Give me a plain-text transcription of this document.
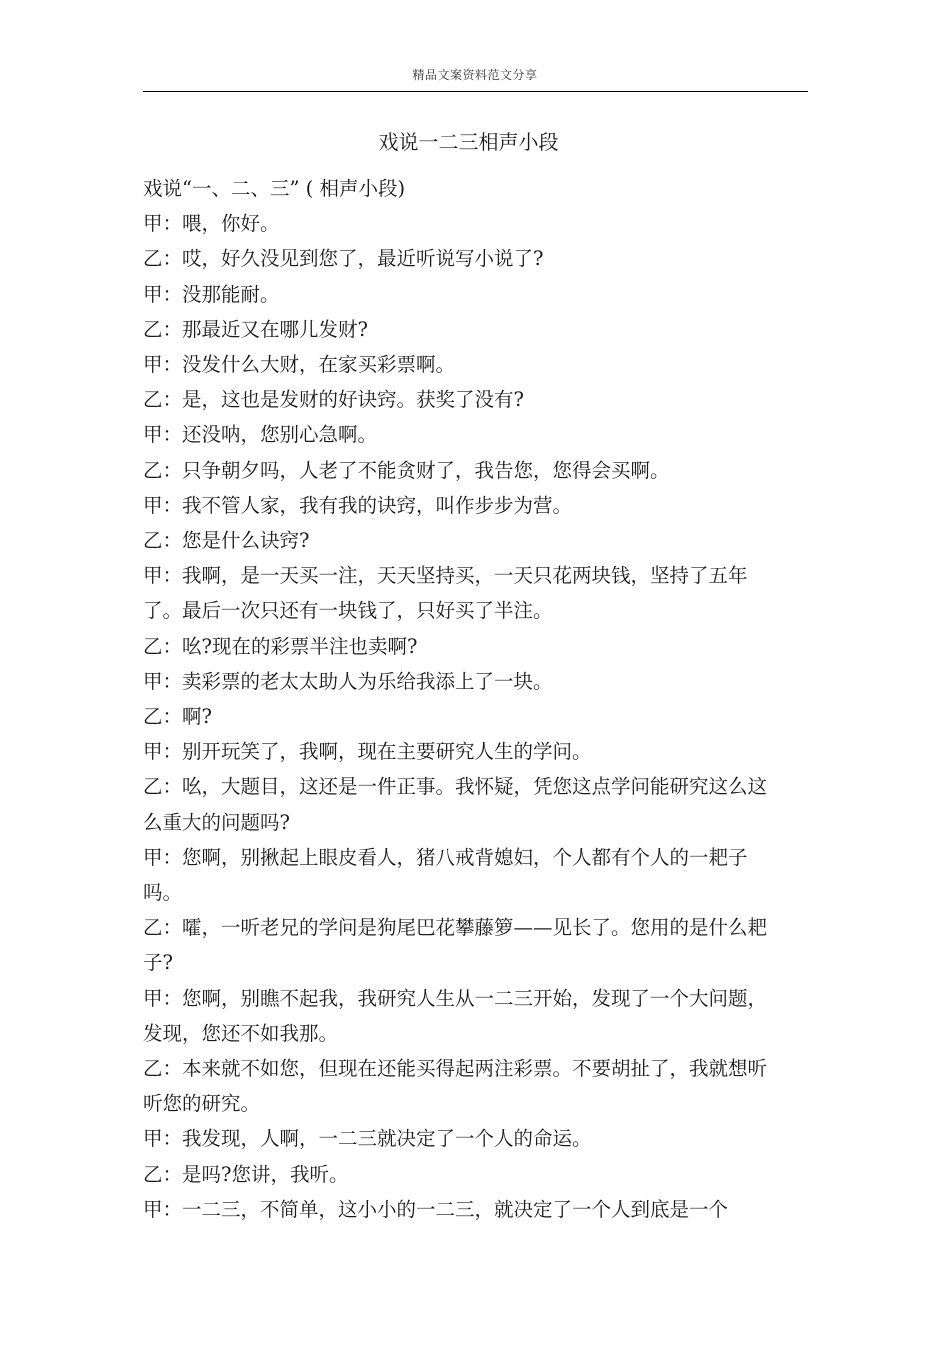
精品文案资料范文分享
戏说一二三相声小段

戏说“一、二、三” ( 相声小段)

甲：喂，你好。

乙：哎，好久没见到您了，最近听说写小说了?

甲：没那能耐。

乙：那最近又在哪儿发财?

甲：没发什么大财，在家买彩票啊。

乙：是，这也是发财的好诀窍。获奖了没有?

甲：还没呐，您别心急啊。

乙：只争朝夕吗，人老了不能贪财了，我告您，您得会买啊。

甲：我不管人家，我有我的诀窍，叫作步步为营。

乙：您是什么诀窍?

甲：我啊，是一天买一注，天天坚持买，一天只花两块钱，坚持了五年了。最后一次只还有一块钱了，只好买了半注。

乙：吆?现在的彩票半注也卖啊?

甲：卖彩票的老太太助人为乐给我添上了一块。

乙：啊?

甲：别开玩笑了，我啊，现在主要研究人生的学问。

乙：吆，大题目，这还是一件正事。我怀疑，凭您这点学问能研究这么这么重大的问题吗?

甲：您啊，别揪起上眼皮看人，猪八戒背媳妇，个人都有个人的一耙子吗。

乙：嚯，一听老兄的学问是狗尾巴花攀藤箩——见长了。您用的是什么耙子?

甲：您啊，别瞧不起我，我研究人生从一二三开始，发现了一个大问题，发现，您还不如我那。

乙：本来就不如您，但现在还能买得起两注彩票。不要胡扯了，我就想听听您的研究。

甲：我发现，人啊，一二三就决定了一个人的命运。

乙：是吗?您讲，我听。

甲：一二三，不简单，这小小的一二三，就决定了一个人到底是一个
